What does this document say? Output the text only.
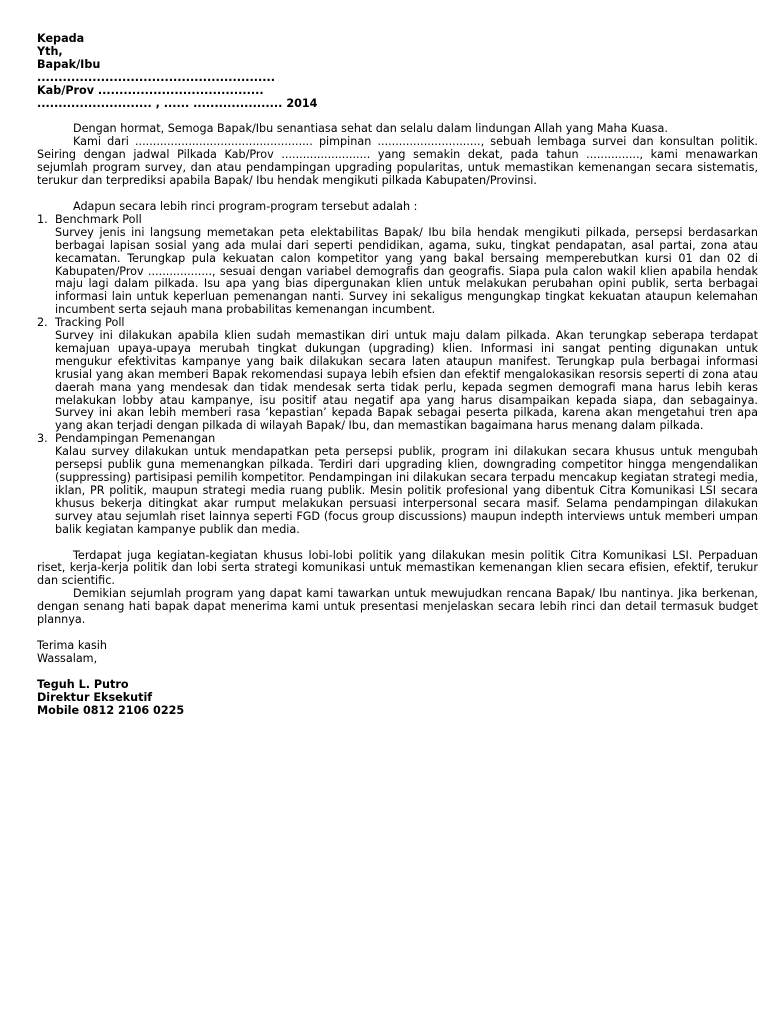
Kepada
Yth,
Bapak/Ibu
........................................................
Kab/Prov .......................................
........................... , ...... ..................... 2014
Dengan hormat, Semoga Bapak/Ibu senantiasa sehat dan selalu dalam lindungan Allah yang Maha Kuasa.
Kami dari .................................................. pimpinan ............................., sebuah lembaga survei dan konsultan politik. Seiring dengan jadwal Pilkada Kab/Prov ......................... yang semakin dekat, pada tahun ..............., kami menawarkan sejumlah program survey, dan atau pendampingan upgrading popularitas, untuk memastikan kemenangan secara sistematis, terukur dan terprediksi apabila Bapak/ Ibu hendak mengikuti pilkada Kabupaten/Provinsi.
Adapun secara lebih rinci program-program tersebut adalah :
1. Benchmark Poll
Survey jenis ini langsung memetakan peta elektabilitas Bapak/ Ibu bila hendak mengikuti pilkada, persepsi berdasarkan berbagai lapisan sosial yang ada mulai dari seperti pendidikan, agama, suku, tingkat pendapatan, asal partai, zona atau kecamatan. Terungkap pula kekuatan calon kompetitor yang yang bakal bersaing memperebutkan kursi 01 dan 02 di Kabupaten/Prov .................., sesuai dengan variabel demografis dan geografis. Siapa pula calon wakil klien apabila hendak maju lagi dalam pilkada. Isu apa yang bias dipergunakan klien untuk melakukan perubahan opini publik, serta berbagai informasi lain untuk keperluan pemenangan nanti. Survey ini sekaligus mengungkap tingkat kekuatan ataupun kelemahan incumbent serta sejauh mana probabilitas kemenangan incumbent.
2. Tracking Poll
Survey ini dilakukan apabila klien sudah memastikan diri untuk maju dalam pilkada. Akan terungkap seberapa terdapat kemajuan upaya-upaya merubah tingkat dukungan (upgrading) klien. Informasi ini sangat penting digunakan untuk mengukur efektivitas kampanye yang baik dilakukan secara laten ataupun manifest. Terungkap pula berbagai informasi krusial yang akan memberi Bapak rekomendasi supaya lebih efsien dan efektif mengalokasikan resorsis seperti di zona atau daerah mana yang mendesak dan tidak mendesak serta tidak perlu, kepada segmen demografi mana harus lebih keras melakukan lobby atau kampanye, isu positif atau negatif apa yang harus disampaikan kepada siapa, dan sebagainya. Survey ini akan lebih memberi rasa ‘kepastian’ kepada Bapak sebagai peserta pilkada, karena akan mengetahui tren apa yang akan terjadi dengan pilkada di wilayah Bapak/ Ibu, dan memastikan bagaimana harus menang dalam pilkada.
3. Pendampingan Pemenangan
Kalau survey dilakukan untuk mendapatkan peta persepsi publik, program ini dilakukan secara khusus untuk mengubah persepsi publik guna memenangkan pilkada. Terdiri dari upgrading klien, downgrading competitor hingga mengendalikan (suppressing) partisipasi pemilih kompetitor. Pendampingan ini dilakukan secara terpadu mencakup kegiatan strategi media, iklan, PR politik, maupun strategi media ruang publik. Mesin politik profesional yang dibentuk Citra Komunikasi LSI secara khusus bekerja ditingkat akar rumput melakukan persuasi interpersonal secara masif. Selama pendampingan dilakukan survey atau sejumlah riset lainnya seperti FGD (focus group discussions) maupun indepth interviews untuk memberi umpan balik kegiatan kampanye publik dan media.
Terdapat juga kegiatan-kegiatan khusus lobi-lobi politik yang dilakukan mesin politik Citra Komunikasi LSI. Perpaduan riset, kerja-kerja politik dan lobi serta strategi komunikasi untuk memastikan kemenangan klien secara efisien, efektif, terukur dan scientific.
Demikian sejumlah program yang dapat kami tawarkan untuk mewujudkan rencana Bapak/ Ibu nantinya. Jika berkenan, dengan senang hati bapak dapat menerima kami untuk presentasi menjelaskan secara lebih rinci dan detail termasuk budget plannya.
Terima kasih
Wassalam,
Teguh L. Putro
Direktur Eksekutif
Mobile 0812 2106 0225
